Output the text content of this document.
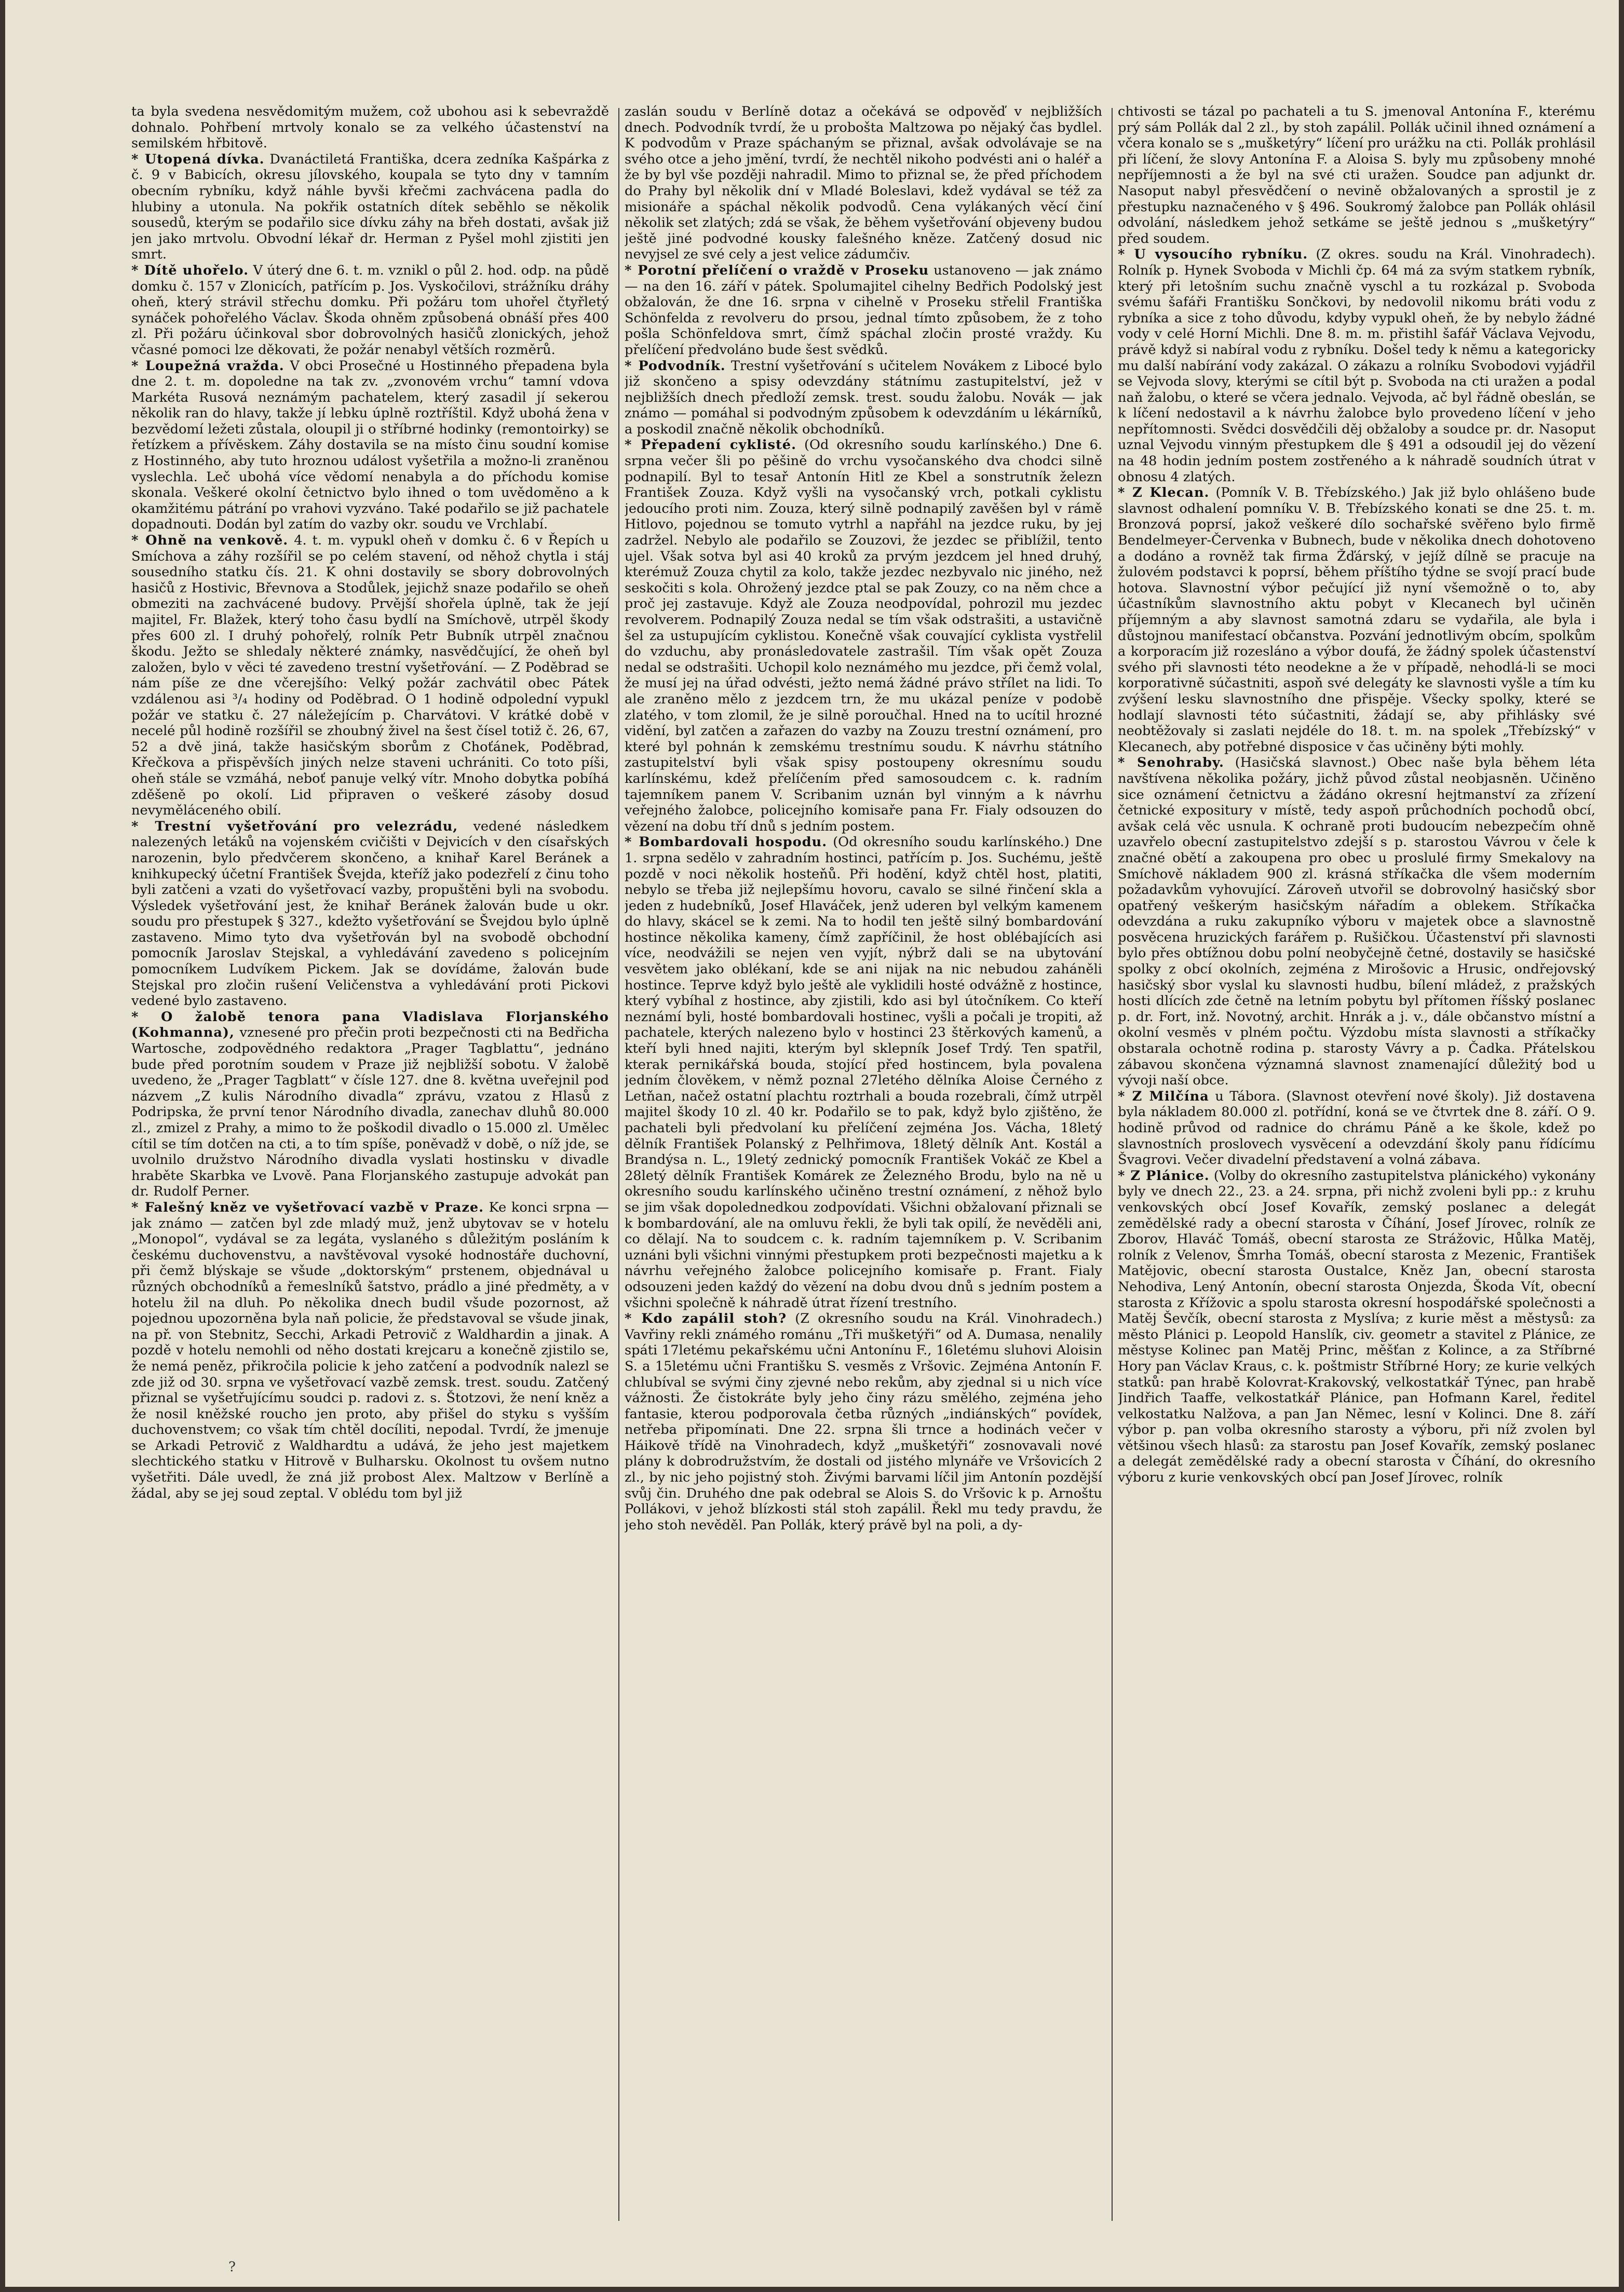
ta byla svedena nesvědomitým mužem, což ubohou asi k sebevraždě dohnalo. Pohřbení mrtvoly konalo se za velkého účastenství na semilském hřbitově.

* Utopená dívka. Dvanáctiletá Františka, dcera zedníka Kašpárka z č. 9 v Babicích, okresu jílovského, koupala se tyto dny v tamním obecním rybníku, když náhle byvši křečmi zachvácena padla do hlubiny a utonula. Na pokřik ostatních dítek seběhlo se několik sousedů, kterým se podařilo sice dívku záhy na břeh dostati, avšak již jen jako mrtvolu. Obvodní lékař dr. Herman z Pyšel mohl zjistiti jen smrt.

* Dítě uhořelo. V úterý dne 6. t. m. vznikl o půl 2. hod. odp. na půdě domku č. 157 v Zlonicích, patřícím p. Jos. Vyskočilovi, strážníku dráhy oheň, který strávil střechu domku. Při požáru tom uhořel čtyřletý synáček pohořelého Václav. Škoda ohněm způsobená obnáší přes 400 zl. Při požáru účinkoval sbor dobrovolných hasičů zlonických, jehož včasné pomoci lze děkovati, že požár nenabyl větších rozměrů.

* Loupežná vražda. V obci Prosečné u Hostinného přepadena byla dne 2. t. m. dopoledne na tak zv. „zvonovém vrchu“ tamní vdova Markéta Rusová neznámým pachatelem, který zasadil jí sekerou několik ran do hlavy, takže jí lebku úplně roztříštil. Když ubohá žena v bezvědomí ležeti zůstala, oloupil ji o stříbrné hodinky (remontoirky) se řetízkem a přívěskem. Záhy dostavila se na místo činu soudní komise z Hostinného, aby tuto hroznou událost vyšetřila a možno-li zraněnou vyslechla. Leč ubohá více vědomí nenabyla a do příchodu komise skonala. Veškeré okolní četnictvo bylo ihned o tom uvědoměno a k okamžitému pátrání po vrahovi vyzváno. Také podařilo se již pachatele dopadnouti. Dodán byl zatím do vazby okr. soudu ve Vrchlabí.

* Ohně na venkově. 4. t. m. vypukl oheň v domku č. 6 v Řepích u Smíchova a záhy rozšířil se po celém stavení, od něhož chytla i stáj sousedního statku čís. 21. K ohni dostavily se sbory dobrovolných hasičů z Hostivic, Břevnova a Stodůlek, jejichž snaze podařilo se oheň obmeziti na zachvácené budovy. Prvější shořela úplně, tak že její majitel, Fr. Blažek, který toho času bydlí na Smíchově, utrpěl škody přes 600 zl. I druhý pohořelý, rolník Petr Bubník utrpěl značnou škodu. Ježto se shledaly některé známky, nasvědčující, že oheň byl založen, bylo v věci té zavedeno trestní vyšetřování. — Z Poděbrad se nám píše ze dne včerejšího: Velký požár zachvátil obec Pátek vzdálenou asi ³/₄ hodiny od Poděbrad. O 1 hodině odpolední vypukl požár ve statku č. 27 náležejícím p. Charvátovi. V krátké době v necelé půl hodině rozšířil se zhoubný živel na šest čísel totiž č. 26, 67, 52 a dvě jiná, takže hasičským sborům z Choťánek, Poděbrad, Křečkova a přispěvších jiných nelze staveni uchrániti. Co toto píši, oheň stále se vzmáhá, neboť panuje velký vítr. Mnoho dobytka pobíhá zděšeně po okolí. Lid připraven o veškeré zásoby dosud nevyměláceného obilí.

* Trestní vyšetřování pro velezrádu, vedené následkem nalezených letáků na vojenském cvičišti v Dejvicích v den císařských narozenin, bylo předvčerem skončeno, a knihař Karel Beránek a knihkupecký účetní František Švejda, kteříž jako podezřelí z činu toho byli zatčeni a vzati do vyšetřovací vazby, propuštěni byli na svobodu. Výsledek vyšetřování jest, že knihař Beránek žalován bude u okr. soudu pro přestupek § 327., kdežto vyšetřování se Švejdou bylo úplně zastaveno. Mimo tyto dva vyšetřován byl na svobodě obchodní pomocník Jaroslav Stejskal, a vyhledávání zavedeno s policejním pomocníkem Ludvíkem Pickem. Jak se dovídáme, žalován bude Stejskal pro zločin rušení Veličenstva a vyhledávání proti Pickovi vedené bylo zastaveno.

* O žalobě tenora pana Vladislava Florjanského (Kohmanna), vznesené pro přečin proti bezpečnosti cti na Bedřicha Wartosche, zodpovědného redaktora „Prager Tagblattu“, jednáno bude před porotním soudem v Praze již nejbližší sobotu. V žalobě uvedeno, že „Prager Tagblatt“ v čísle 127. dne 8. května uveřejnil pod názvem „Z kulis Národního divadla“ zprávu, vzatou z Hlasů z Podripska, že první tenor Národního divadla, zanechav dluhů 80.000 zl., zmizel z Prahy, a mimo to že poškodil divadlo o 15.000 zl. Umělec cítil se tím dotčen na cti, a to tím spíše, poněvadž v době, o níž jde, se uvolnilo družstvo Národního divadla vyslati hostinsku v divadle hraběte Skarbka ve Lvově. Pana Florjanského zastupuje advokát pan dr. Rudolf Perner.

* Falešný kněz ve vyšetřovací vazbě v Praze. Ke konci srpna — jak známo — zatčen byl zde mladý muž, jenž ubytovav se v hotelu „Monopol“, vydával se za legáta, vyslaného s důležitým posláním k českému duchovenstvu, a navštěvoval vysoké hodnostáře duchovní, při čemž blýskaje se všude „doktorským“ prstenem, objednával u různých obchodníků a řemeslníků šatstvo, prádlo a jiné předměty, a v hotelu žil na dluh. Po několika dnech budil všude pozornost, až pojednou upozorněna byla naň policie, že představoval se všude jinak, na př. von Stebnitz, Secchi, Arkadi Petrovič z Waldhardin a jinak. A pozdě v hotelu nemohli od něho dostati krejcaru a konečně zjistilo se, že nemá peněz, přikročila policie k jeho zatčení a podvodník nalezl se zde již od 30. srpna ve vyšetřovací vazbě zemsk. trest. soudu. Zatčený přiznal se vyšetřujícímu soudci p. radovi z. s. Štotzovi, že není kněz a že nosil kněžské roucho jen proto, aby přišel do styku s vyšším duchovenstvem; co však tím chtěl docíliti, nepodal. Tvrdí, že jmenuje se Arkadi Petrovič z Waldhardtu a udává, že jeho jest majetkem slechtického statku v Hitrově v Bulharsku. Okolnost tu ovšem nutno vyšetřiti. Dále uvedl, že zná již probost Alex. Maltzow v Berlíně a žádal, aby se jej soud zeptal. V oblédu tom byl již

zaslán soudu v Berlíně dotaz a očekává se odpověď v nejbližších dnech. Podvodník tvrdí, že u probošta Maltzowa po nějaký čas bydlel. K podvodům v Praze spáchaným se přiznal, avšak odvolávaje se na svého otce a jeho jmění, tvrdí, že nechtěl nikoho podvésti ani o haléř a že by byl vše později nahradil. Mimo to přiznal se, že před příchodem do Prahy byl několik dní v Mladé Boleslavi, kdež vydával se též za misionáře a spáchal několik podvodů. Cena vylákaných věcí činí několik set zlatých; zdá se však, že během vyšetřování objeveny budou ještě jiné podvodné kousky falešného kněze. Zatčený dosud nic nevyjsel ze své cely a jest velice zádumčiv.

* Porotní přelíčení o vraždě v Proseku ustanoveno — jak známo — na den 16. září v pátek. Spolumajitel cihelny Bedřich Podolský jest obžalován, že dne 16. srpna v cihelně v Proseku střelil Františka Schönfelda z revolveru do prsou, jednal tímto způsobem, že z toho pošla Schönfeldova smrt, čímž spáchal zločin prosté vraždy. Ku přelíčení předvoláno bude šest svědků.

* Podvodník. Trestní vyšetřování s učitelem Novákem z Libocé bylo již skončeno a spisy odevzdány státnímu zastupitelství, jež v nejbližších dnech předloží zemsk. trest. soudu žalobu. Novák — jak známo — pomáhal si podvodným způsobem k odevzdáním u lékárníků, a poskodil značně několik obchodníků.

* Přepadení cyklisté. (Od okresního soudu karlínského.) Dne 6. srpna večer šli po pěšině do vrchu vysočanského dva chodci silně podnapilí. Byl to tesař Antonín Hitl ze Kbel a sonstrutník železn František Zouza. Když vyšli na vysočanský vrch, potkali cyklistu jedoucího proti nim. Zouza, který silně podnapilý zavěšen byl v rámě Hitlovo, pojednou se tomuto vytrhl a napřáhl na jezdce ruku, by jej zadržel. Nebylo ale podařilo se Zouzovi, že jezdec se přiblížil, tento ujel. Však sotva byl asi 40 kroků za prvým jezdcem jel hned druhý, kterémuž Zouza chytil za kolo, takže jezdec nezbyvalo nic jiného, než seskočiti s kola. Ohrožený jezdce ptal se pak Zouzy, co na něm chce a proč jej zastavuje. Když ale Zouza neodpovídal, pohrozil mu jezdec revolverem. Podnapilý Zouza nedal se tím však odstrašiti, a ustavičně šel za ustupujícím cyklistou. Konečně však couvající cyklista vystřelil do vzduchu, aby pronásledovatele zastrašil. Tím však opět Zouza nedal se odstrašiti. Uchopil kolo neznámého mu jezdce, při čemž volal, že musí jej na úřad odvésti, ježto nemá žádné právo střílet na lidi. To ale zraněno mělo z jezdcem trn, že mu ukázal peníze v podobě zlatého, v tom zlomil, že je silně poroučhal. Hned na to ucítil hrozné vidění, byl zatčen a zařazen do vazby na Zouzu trestní oznámení, pro které byl pohnán k zemskému trestnímu soudu. K návrhu státního zastupitelství byli však spisy postoupeny okresnímu soudu karlínskému, kdež přelíčením před samosoudcem c. k. radním tajemníkem panem V. Scribanim uznán byl vinným a k návrhu veřejného žalobce, policejního komisaře pana Fr. Fialy odsouzen do vězení na dobu tří dnů s jedním postem.

* Bombardovali hospodu. (Od okresního soudu karlínského.) Dne 1. srpna sedělo v zahradním hostinci, patřícím p. Jos. Suchému, ještě pozdě v noci několik hosteňů. Při hodění, když chtěl host, platiti, nebylo se třeba již nejlepšímu hovoru, cavalo se silné řinčení skla a jeden z hudebníků, Josef Hlaváček, jenž uderen byl velkým kamenem do hlavy, skácel se k zemi. Na to hodil ten ještě silný bombardování hostince několika kameny, čímž zapříčinil, že host oblébajících asi více, neodvážili se nejen ven vyjít, nýbrž dali se na ubytování vesvětem jako oblékaní, kde se ani nijak na nic nebudou zaháněli hostince. Teprve když bylo ještě ale vyklidili hosté odvážně z hostince, který vybíhal z hostince, aby zjistili, kdo asi byl útočníkem. Co kteří neznámí byli, hosté bombardovali hostinec, vyšli a počali je tropiti, až pachatele, kterých nalezeno bylo v hostinci 23 štěrkových kamenů, a kteří byli hned najiti, kterým byl sklepník Josef Trdý. Ten spatřil, kterak pernikářská bouda, stojící před hostincem, byla povalena jedním člověkem, v němž poznal 27letého dělníka Aloise Černého z Letňan, načež ostatní plachtu roztrhali a bouda rozebrali, čímž utrpěl majitel škody 10 zl. 40 kr. Podařilo se to pak, když bylo zjištěno, že pachateli byli předvolaní ku přelíčení zejména Jos. Vácha, 18letý dělník František Polanský z Pelhřimova, 18letý dělník Ant. Kostál a Brandýsa n. L., 19letý zednický pomocník František Vokáč ze Kbel a 28letý dělník František Komárek ze Železného Brodu, bylo na ně u okresního soudu karlínského učiněno trestní oznámení, z něhož bylo se jim však dopolednedkou zodpovídati. Všichni obžalovaní přiznali se k bombardování, ale na omluvu řekli, že byli tak opilí, že nevěděli ani, co dělají. Na to soudcem c. k. radním tajemníkem p. V. Scribanim uznáni byli všichni vinnými přestupkem proti bezpečnosti majetku a k návrhu veřejného žalobce policejního komisaře p. Frant. Fialy odsouzeni jeden každý do vězení na dobu dvou dnů s jedním postem a všichni společně k náhradě útrat řízení trestního.

* Kdo zapálil stoh? (Z okresního soudu na Král. Vinohradech.) Vavřiny rekli známého románu „Tři mušketýři“ od A. Dumasa, nenalily spáti 17letému pekařskému učni Antonínu F., 16letému sluhovi Aloisin S. a 15letému učni Františku S. vesměs z Vršovic. Zejména Antonín F. chlubíval se svými činy zjevné nebo rekům, aby zjednal si u nich více vážnosti. Že čistokráte byly jeho činy rázu smělého, zejména jeho fantasie, kterou podporovala četba různých „indiánských“ povídek, netřeba připomínati. Dne 22. srpna šli trnce a hodinách večer v Háikově třídě na Vinohradech, když „mušketýři“ zosnovavali nové plány k dobrodružstvím, že dostali od jistého mlynáře ve Vršovicích 2 zl., by nic jeho pojistný stoh. Živými barvami líčil jim Antonín pozdější svůj čin. Druhého dne pak odebral se Alois S. do Vršovic k p. Arnoštu Pollákovi, v jehož blízkosti stál stoh zapálil. Řekl mu tedy pravdu, že jeho stoh nevěděl. Pan Pollák, který právě byl na poli, a dy-

chtivosti se tázal po pachateli a tu S. jmenoval Antonína F., kterému prý sám Pollák dal 2 zl., by stoh zapálil. Pollák učinil ihned oznámení a včera konalo se s „mušketýry“ líčení pro urážku na cti. Pollák prohlásil při líčení, že slovy Antonína F. a Aloisa S. byly mu způsobeny mnohé nepříjemnosti a že byl na své cti uražen. Soudce pan adjunkt dr. Nasoput nabyl přesvědčení o nevině obžalovaných a sprostil je z přestupku naznačeného v § 496. Soukromý žalobce pan Pollák ohlásil odvolání, následkem jehož setkáme se ještě jednou s „mušketýry“ před soudem.

* U vysoucího rybníku. (Z okres. soudu na Král. Vinohradech). Rolník p. Hynek Svoboda v Michli čp. 64 má za svým statkem rybník, který při letošním suchu značně vyschl a tu rozkázal p. Svoboda svému šafáři Františku Sončkovi, by nedovolil nikomu bráti vodu z rybníka a sice z toho důvodu, kdyby vypukl oheň, že by nebylo žádné vody v celé Horní Michli. Dne 8. m. m. přistihl šafář Václava Vejvodu, právě když si nabíral vodu z rybníku. Došel tedy k němu a kategoricky mu další nabírání vody zakázal. O zákazu a rolníku Svobodovi vyjádřil se Vejvoda slovy, kterými se cítil být p. Svoboda na cti uražen a podal naň žalobu, o které se včera jednalo. Vejvoda, ač byl řádně obeslán, se k líčení nedostavil a k návrhu žalobce bylo provedeno líčení v jeho nepřítomnosti. Svědci dosvědčili děj obžaloby a soudce pr. dr. Nasoput uznal Vejvodu vinným přestupkem dle § 491 a odsoudil jej do vězení na 48 hodin jedním postem zostřeného a k náhradě soudních útrat v obnosu 4 zlatých.

* Z Klecan. (Pomník V. B. Třebízského.) Jak již bylo ohlášeno bude slavnost odhalení pomníku V. B. Třebízského konati se dne 25. t. m. Bronzová poprsí, jakož veškeré dílo sochařské svěřeno bylo firmě Bendelmeyer-Červenka v Bubnech, bude v několika dnech dohotoveno a dodáno a rovněž tak firma Žďárský, v jejíž dílně se pracuje na žulovém podstavci k poprsí, během příštího týdne se svojí prací bude hotova. Slavnostní výbor pečující již nyní všemožně o to, aby účastníkům slavnostního aktu pobyt v Klecanech byl učiněn příjemným a aby slavnost samotná zdaru se vydařila, ale byla i důstojnou manifestací občanstva. Pozvání jednotlivým obcím, spolkům a korporacím již rozesláno a výbor doufá, že žádný spolek účastenství svého při slavnosti této neodekne a že v případě, nehodlá-li se moci korporativně súčastniti, aspoň své delegáty ke slavnosti vyšle a tím ku zvýšení lesku slavnostního dne přispěje. Všecky spolky, které se hodlají slavnosti této súčastniti, žádají se, aby přihlásky své neobtěžovaly si zaslati nejdéle do 18. t. m. na spolek „Třebízský“ v Klecanech, aby potřebné disposice v čas učiněny býti mohly.

* Senohraby. (Hasičská slavnost.) Obec naše byla během léta navštívena několika požáry, jichž původ zůstal neobjasněn. Učiněno sice oznámení četnictvu a žádáno okresní hejtmanství za zřízení četnické expositury v místě, tedy aspoň průchodních pochodů obcí, avšak celá věc usnula. K ochraně proti budoucím nebezpečím ohně uzavřelo obecní zastupitelstvo zdejší s p. starostou Vávrou v čele k značné obětí a zakoupena pro obec u proslulé firmy Smekalovy na Smíchově nákladem 900 zl. krásná stříkačka dle všem moderním požadavkům vyhovující. Zároveň utvořil se dobrovolný hasičský sbor opatřený veškerým hasičským nářadím a oblekem. Stříkačka odevzdána a ruku zakupníko výboru v majetek obce a slavnostně posvěcena hruzických farářem p. Rušičkou. Účastenství při slavnosti bylo přes obtížnou dobu polní neobyčejně četné, dostavily se hasičské spolky z obcí okolních, zejména z Mirošovic a Hrusic, ondřejovský hasičský sbor vyslal ku slavnosti hudbu, bílení mládež, z pražských hosti dlících zde četně na letním pobytu byl přítomen říšský poslanec p. dr. Fort, inž. Novotný, archit. Hnrák a j. v., dále občanstvo místní a okolní vesměs v plném počtu. Výzdobu místa slavnosti a stříkačky obstarala ochotně rodina p. starosty Vávry a p. Čadka. Přátelskou zábavou skončena významná slavnost znamenající důležitý bod u vývoji naší obce.

* Z Milčína u Tábora. (Slavnost otevření nové školy). Již dostavena byla nákladem 80.000 zl. potřídní, koná se ve čtvrtek dne 8. září. O 9. hodině průvod od radnice do chrámu Páně a ke škole, kdež po slavnostních proslovech vysvěcení a odevzdání školy panu řídícímu Švagrovi. Večer divadelní představení a volná zábava.

* Z Plánice. (Volby do okresního zastupitelstva plánického) vykonány byly ve dnech 22., 23. a 24. srpna, při nichž zvoleni byli pp.: z kruhu venkovských obcí Josef Kovařík, zemský poslanec a delegát zemědělské rady a obecní starosta v Číhání, Josef Jírovec, rolník ze Zborov, Hlaváč Tomáš, obecní starosta ze Strážovic, Hůlka Matěj, rolník z Velenov, Šmrha Tomáš, obecní starosta z Mezenic, František Matějovic, obecní starosta Oustalce, Kněz Jan, obecní starosta Nehodiva, Lený Antonín, obecní starosta Onjezda, Škoda Vít, obecní starosta z Křížovic a spolu starosta okresní hospodářské společnosti a Matěj Ševčík, obecní starosta z Myslíva; z kurie měst a městysů: za město Plánici p. Leopold Hanslík, civ. geometr a stavitel z Plánice, ze městyse Kolinec pan Matěj Princ, měšťan z Kolince, a za Stříbrné Hory pan Václav Kraus, c. k. poštmistr Stříbrné Hory; ze kurie velkých statků: pan hrabě Kolovrat-Krakovský, velkostatkář Týnec, pan hrabě Jindřich Taaffe, velkostatkář Plánice, pan Hofmann Karel, ředitel velkostatku Nalžova, a pan Jan Němec, lesní v Kolinci. Dne 8. září výbor p. pan volba okresního starosty a výboru, při níž zvolen byl většinou všech hlasů: za starostu pan Josef Kovařík, zemský poslanec a delegát zemědělské rady a obecní starosta v Číhání, do okresního výboru z kurie venkovských obcí pan Josef Jírovec, rolník

?
